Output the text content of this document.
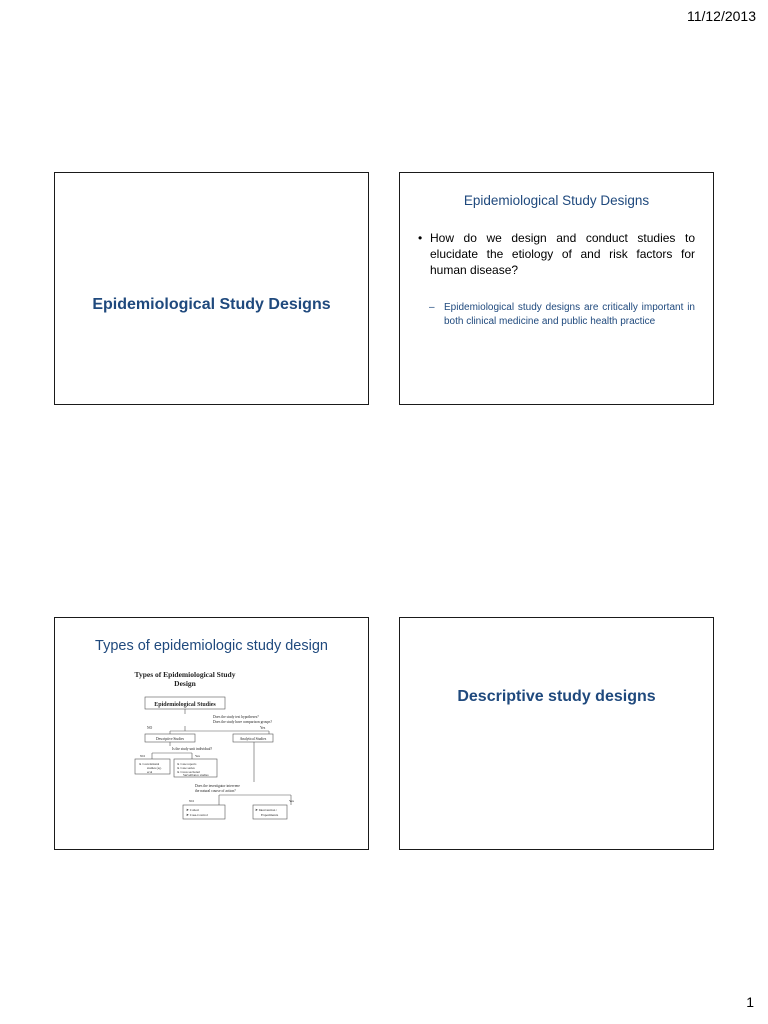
11/12/2013
Epidemiological Study Designs
Epidemiological Study Designs
• How do we design and conduct studies to elucidate the etiology of and risk factors for human disease?
– Epidemiological study designs are critically important in both clinical medicine and public health practice
Types of epidemiologic study design
Types of Epidemiological Study
Design
Epidemiological Studies
Does the study test hypotheses?
Does the study have comparison groups?
NO	Yes
Descriptive Studies	Analytical Studies
Is the study unit individual?
NO	Yes
➤ Correlational
studies (eg.
ecol
➤ Case reports
➤ Case series
➤ Cross sectional
Surveillance studies
Does the investigator intervene
the natural course of action?
NO	Yes
➤ Cohort
➤ Case-Control
➤ Intervention /
Experiments
Descriptive study designs
1
